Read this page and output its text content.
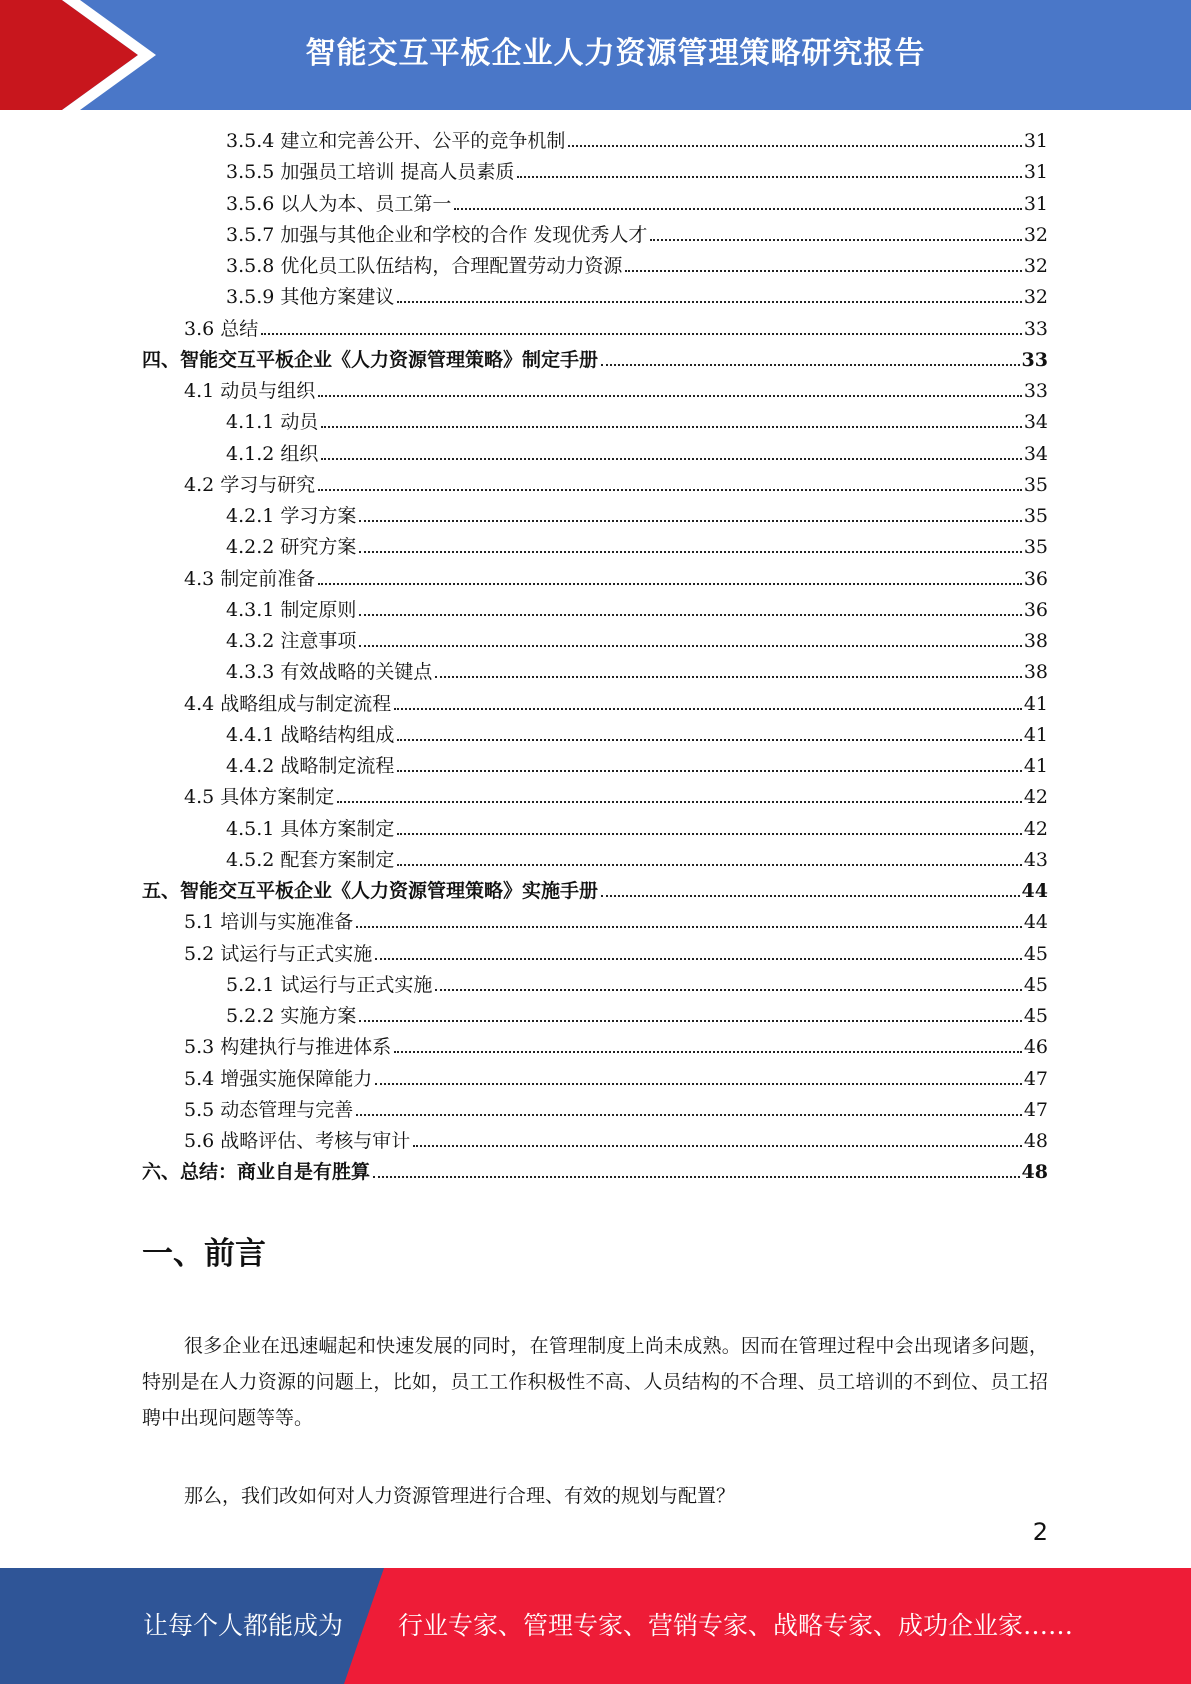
智能交互平板企业人力资源管理策略研究报告
3.5.4 建立和完善公开、公平的竞争机制	31
3.5.5 加强员工培训 提高人员素质	31
3.5.6 以人为本、员工第一	31
3.5.7 加强与其他企业和学校的合作 发现优秀人才	32
3.5.8 优化员工队伍结构，合理配置劳动力资源	32
3.5.9 其他方案建议	32
3.6 总结	33
四、智能交互平板企业《人力资源管理策略》制定手册	33
4.1 动员与组织	33
4.1.1 动员	34
4.1.2 组织	34
4.2 学习与研究	35
4.2.1 学习方案	35
4.2.2 研究方案	35
4.3 制定前准备	36
4.3.1 制定原则	36
4.3.2 注意事项	38
4.3.3 有效战略的关键点	38
4.4 战略组成与制定流程	41
4.4.1 战略结构组成	41
4.4.2 战略制定流程	41
4.5 具体方案制定	42
4.5.1 具体方案制定	42
4.5.2 配套方案制定	43
五、智能交互平板企业《人力资源管理策略》实施手册	44
5.1 培训与实施准备	44
5.2 试运行与正式实施	45
5.2.1 试运行与正式实施	45
5.2.2 实施方案	45
5.3 构建执行与推进体系	46
5.4 增强实施保障能力	47
5.5 动态管理与完善	47
5.6 战略评估、考核与审计	48
六、总结：商业自是有胜算	48
一、前言

很多企业在迅速崛起和快速发展的同时，在管理制度上尚未成熟。因而在管理过程中会出现诸多问题，特别是在人力资源的问题上，比如，员工工作积极性不高、人员结构的不合理、员工培训的不到位、员工招聘中出现问题等等。

那么，我们改如何对人力资源管理进行合理、有效的规划与配置？

2
让每个人都能成为 行业专家、管理专家、营销专家、战略专家、成功企业家……
